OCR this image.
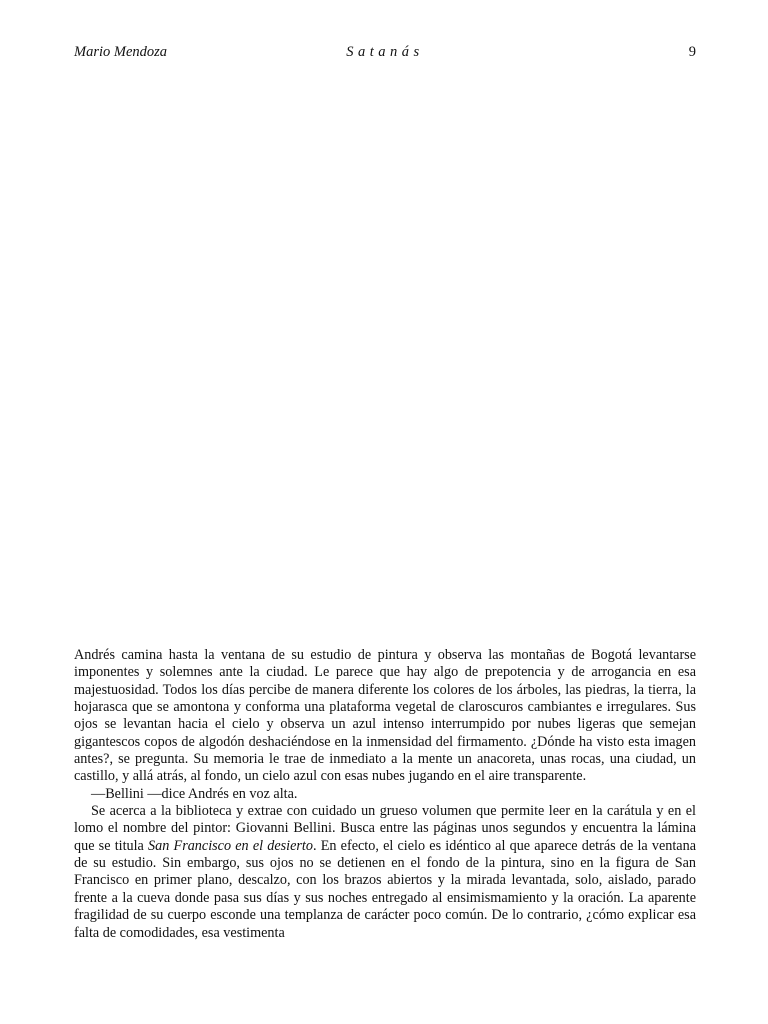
Mario Mendoza	Satanás	9

Andrés camina hasta la ventana de su estudio de pintura y observa las montañas de Bogotá levantarse imponentes y solemnes ante la ciudad. Le parece que hay algo de prepotencia y de arrogancia en esa majestuosidad. Todos los días percibe de manera diferente los colores de los árboles, las piedras, la tierra, la hojarasca que se amontona y conforma una plataforma vegetal de claroscuros cambiantes e irregulares. Sus ojos se levantan hacia el cielo y observa un azul intenso interrumpido por nubes ligeras que semejan gigantescos copos de algodón deshaciéndose en la inmensidad del firmamento. ¿Dónde ha visto esta imagen antes?, se pregunta. Su memoria le trae de inmediato a la mente un anacoreta, unas rocas, una ciudad, un castillo, y allá atrás, al fondo, un cielo azul con esas nubes jugando en el aire transparente.

—Bellini —dice Andrés en voz alta.

Se acerca a la biblioteca y extrae con cuidado un grueso volumen que permite leer en la carátula y en el lomo el nombre del pintor: Giovanni Bellini. Busca entre las páginas unos segundos y encuentra la lámina que se titula San Francisco en el desierto. En efecto, el cielo es idéntico al que aparece detrás de la ventana de su estudio. Sin embargo, sus ojos no se detienen en el fondo de la pintura, sino en la figura de San Francisco en primer plano, descalzo, con los brazos abiertos y la mirada levantada, solo, aislado, parado frente a la cueva donde pasa sus días y sus noches entregado al ensimismamiento y la oración. La aparente fragilidad de su cuerpo esconde una templanza de carácter poco común. De lo contrario, ¿cómo explicar esa falta de comodidades, esa vestimenta
